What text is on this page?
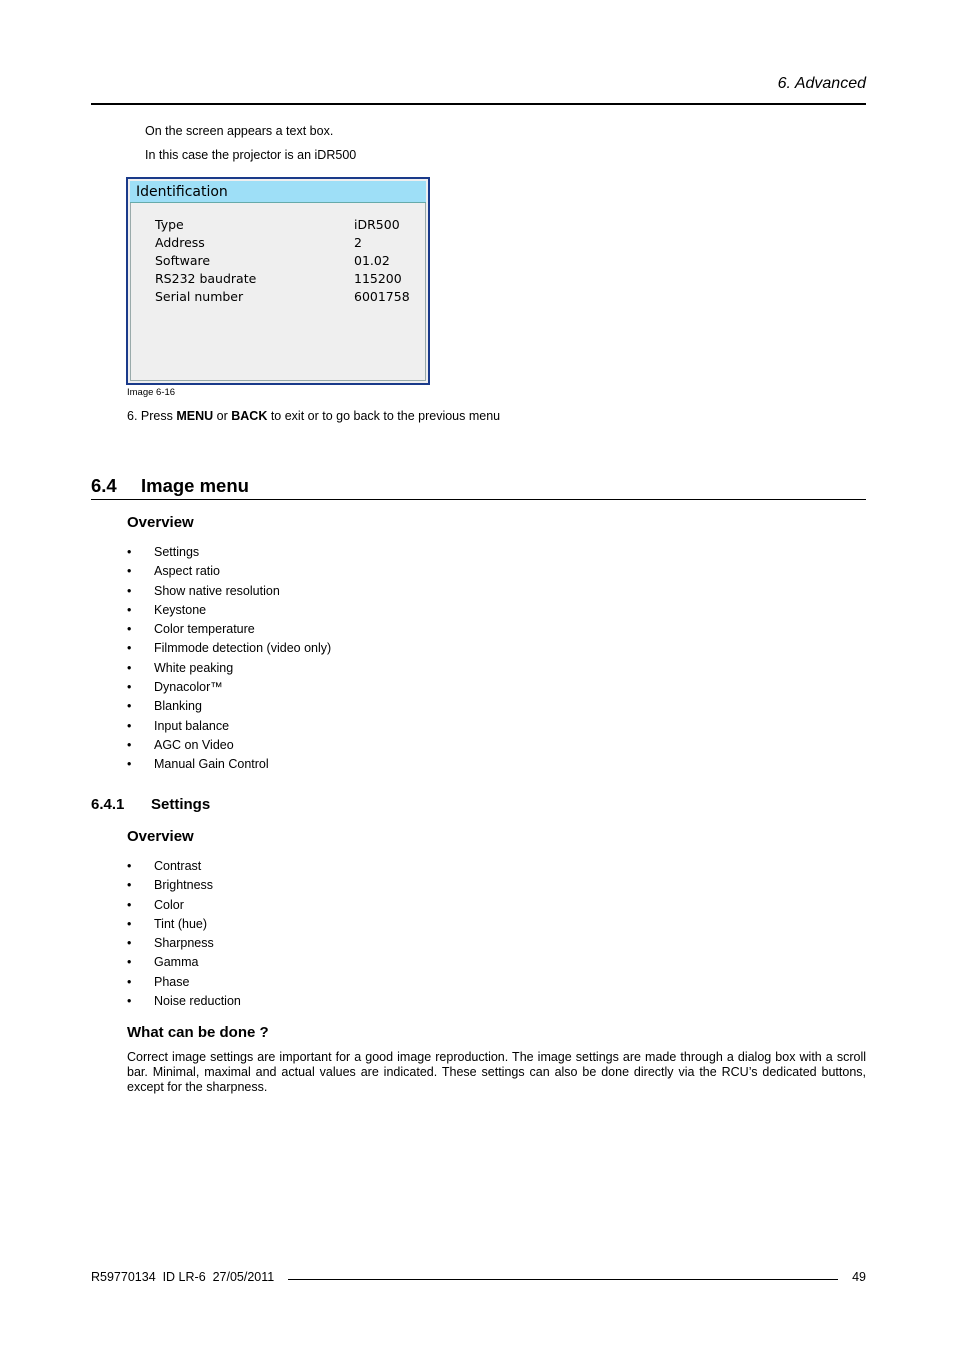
6. Advanced
On the screen appears a text box.
In this case the projector is an iDR500
Identification
Type	iDR500
Address	2
Software	01.02
RS232 baudrate	115200
Serial number	6001758
Image 6-16
6. Press MENU or BACK to exit or to go back to the previous menu
6.4 Image menu
Overview
• Settings
• Aspect ratio
• Show native resolution
• Keystone
• Color temperature
• Filmmode detection (video only)
• White peaking
• Dynacolor™
• Blanking
• Input balance
• AGC on Video
• Manual Gain Control
6.4.1 Settings
Overview
• Contrast
• Brightness
• Color
• Tint (hue)
• Sharpness
• Gamma
• Phase
• Noise reduction
What can be done ?
Correct image settings are important for a good image reproduction. The image settings are made through a dialog box with a scroll bar. Minimal, maximal and actual values are indicated. These settings can also be done directly via the RCU’s dedicated buttons, except for the sharpness.
R59770134  ID LR-6  27/05/2011	49
